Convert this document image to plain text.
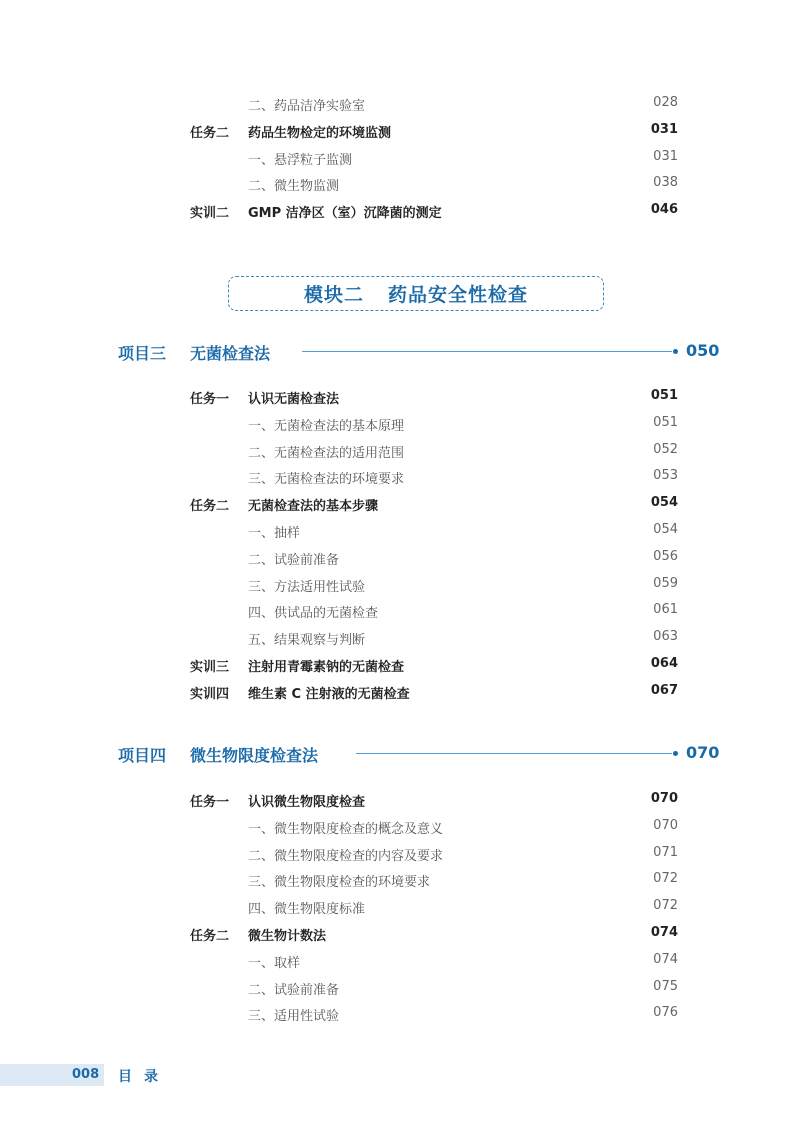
二、药品洁净实验室	028
任务二 药品生物检定的环境监测	031
一、悬浮粒子监测	031
二、微生物监测	038
实训二 GMP 洁净区（室）沉降菌的测定	046
模块二 药品安全性检查
项目三 无菌检查法	050
任务一 认识无菌检查法	051
一、无菌检查法的基本原理	051
二、无菌检查法的适用范围	052
三、无菌检查法的环境要求	053
任务二 无菌检查法的基本步骤	054
一、抽样	054
二、试验前准备	056
三、方法适用性试验	059
四、供试品的无菌检查	061
五、结果观察与判断	063
实训三 注射用青霉素钠的无菌检查	064
实训四 维生素 C 注射液的无菌检查	067
项目四 微生物限度检查法	070
任务一 认识微生物限度检查	070
一、微生物限度检查的概念及意义	070
二、微生物限度检查的内容及要求	071
三、微生物限度检查的环境要求	072
四、微生物限度标准	072
任务二 微生物计数法	074
一、取样	074
二、试验前准备	075
三、适用性试验	076
008 目录
